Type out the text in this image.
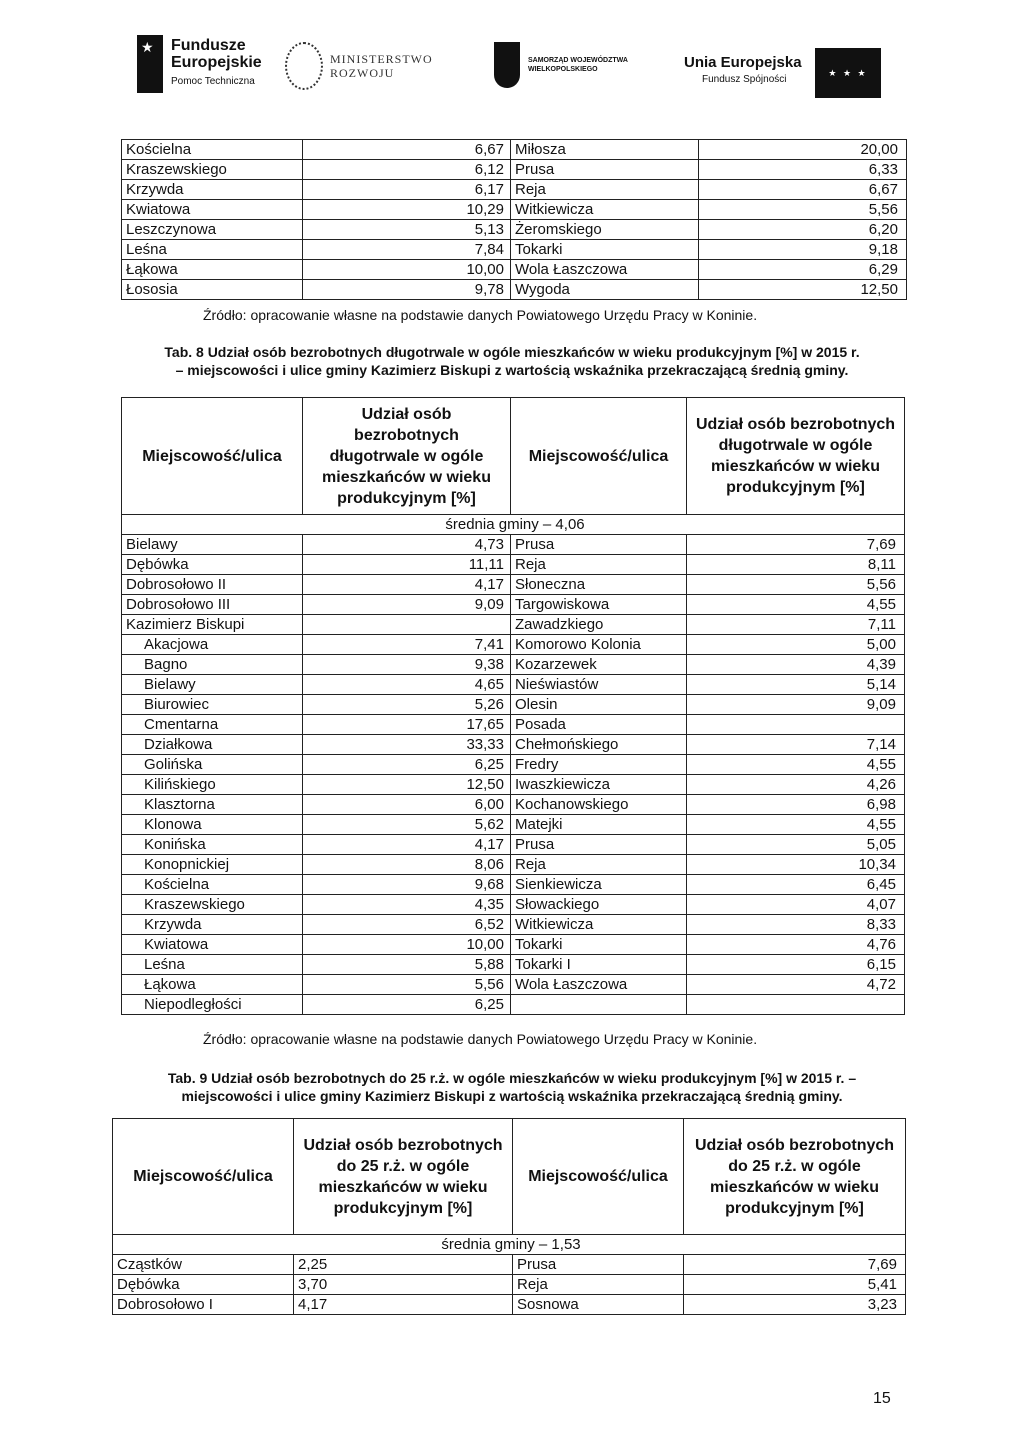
★
Fundusze
Europejskie
Pomoc Techniczna
MINISTERSTWO
ROZWOJU
SAMORZĄD WOJEWÓDZTWA
WIELKOPOLSKIEGO	Unia Europejska
Fundusz Spójności
★ ★ ★
Kościelna	6,67	Miłosza	20,00
Kraszewskiego	6,12	Prusa	6,33
Krzywda	6,17	Reja	6,67
Kwiatowa	10,29	Witkiewicza	5,56
Leszczynowa	5,13	Żeromskiego	6,20
Leśna	7,84	Tokarki	9,18
Łąkowa	10,00	Wola Łaszczowa	6,29
Łososia	9,78	Wygoda	12,50
Źródło: opracowanie własne na podstawie danych Powiatowego Urzędu Pracy w Koninie.
Tab. 8 Udział osób bezrobotnych długotrwale w ogóle mieszkańców w wieku produkcyjnym [%] w 2015 r.
– miejscowości i ulice gminy Kazimierz Biskupi z wartością wskaźnika przekraczającą średnią gminy.
Miejscowość/ulica	Udział osób bezrobotnych długotrwale w ogóle mieszkańców w wieku produkcyjnym [%]	Miejscowość/ulica	Udział osób bezrobotnych długotrwale w ogóle mieszkańców w wieku produkcyjnym [%]
średnia gminy – 4,06			
Bielawy	4,73	Prusa	7,69
Dębówka	11,11	Reja	8,11
Dobrosołowo II	4,17	Słoneczna	5,56
Dobrosołowo III	9,09	Targowiskowa	4,55
Kazimierz Biskupi		Zawadzkiego	7,11
Akacjowa	7,41	Komorowo Kolonia	5,00
Bagno	9,38	Kozarzewek	4,39
Bielawy	4,65	Nieświastów	5,14
Biurowiec	5,26	Olesin	9,09
Cmentarna	17,65	Posada	
Działkowa	33,33	Chełmońskiego	7,14
Golińska	6,25	Fredry	4,55
Kilińskiego	12,50	Iwaszkiewicza	4,26
Klasztorna	6,00	Kochanowskiego	6,98
Klonowa	5,62	Matejki	4,55
Konińska	4,17	Prusa	5,05
Konopnickiej	8,06	Reja	10,34
Kościelna	9,68	Sienkiewicza	6,45
Kraszewskiego	4,35	Słowackiego	4,07
Krzywda	6,52	Witkiewicza	8,33
Kwiatowa	10,00	Tokarki	4,76
Leśna	5,88	Tokarki I	6,15
Łąkowa	5,56	Wola Łaszczowa	4,72
Niepodległości	6,25		
Źródło: opracowanie własne na podstawie danych Powiatowego Urzędu Pracy w Koninie.
Tab. 9 Udział osób bezrobotnych do 25 r.ż. w ogóle mieszkańców w wieku produkcyjnym [%] w 2015 r. –
miejscowości i ulice gminy Kazimierz Biskupi z wartością wskaźnika przekraczającą średnią gminy.
Miejscowość/ulica	Udział osób bezrobotnych do 25 r.ż. w ogóle mieszkańców w wieku produkcyjnym [%]	Miejscowość/ulica	Udział osób bezrobotnych do 25 r.ż. w ogóle mieszkańców w wieku produkcyjnym [%]
średnia gminy – 1,53			
Cząstków	2,25	Prusa	7,69
Dębówka	3,70	Reja	5,41
Dobrosołowo I	4,17	Sosnowa	3,23
15
